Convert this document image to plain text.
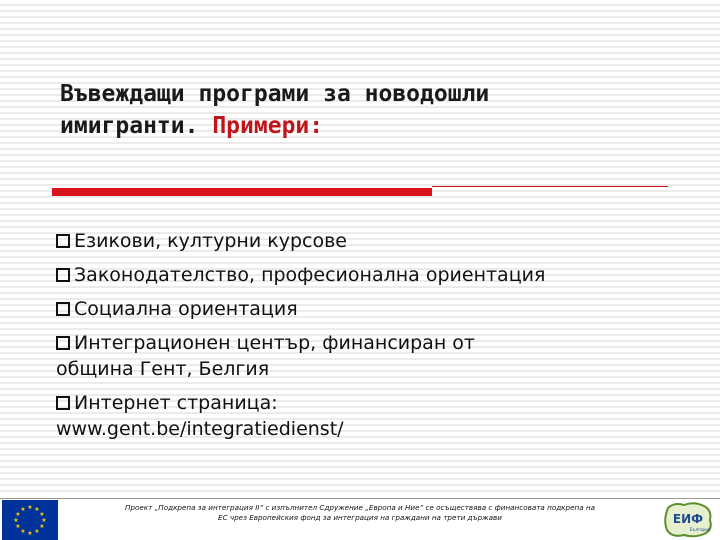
Въвеждащи програми за новодошли
имигранти. Примери:
Езикови, културни курсове
Законодателство, професионална ориентация
Социална ориентация
Интеграционен център, финансиран от
община Гент, Белгия
Интернет страница:
www.gent.be/integratiedienst/
★ ★
★
★
★
★
★
★
★
★
★
★	Проект „Подкрепа за интеграция II” с изпълнител Сдружение „Европа и Ние” се осъществява с финансовата подкрепа на
ЕС чрез Европейския фонд за интеграция на граждани на трети държави	ЕИФ
България
